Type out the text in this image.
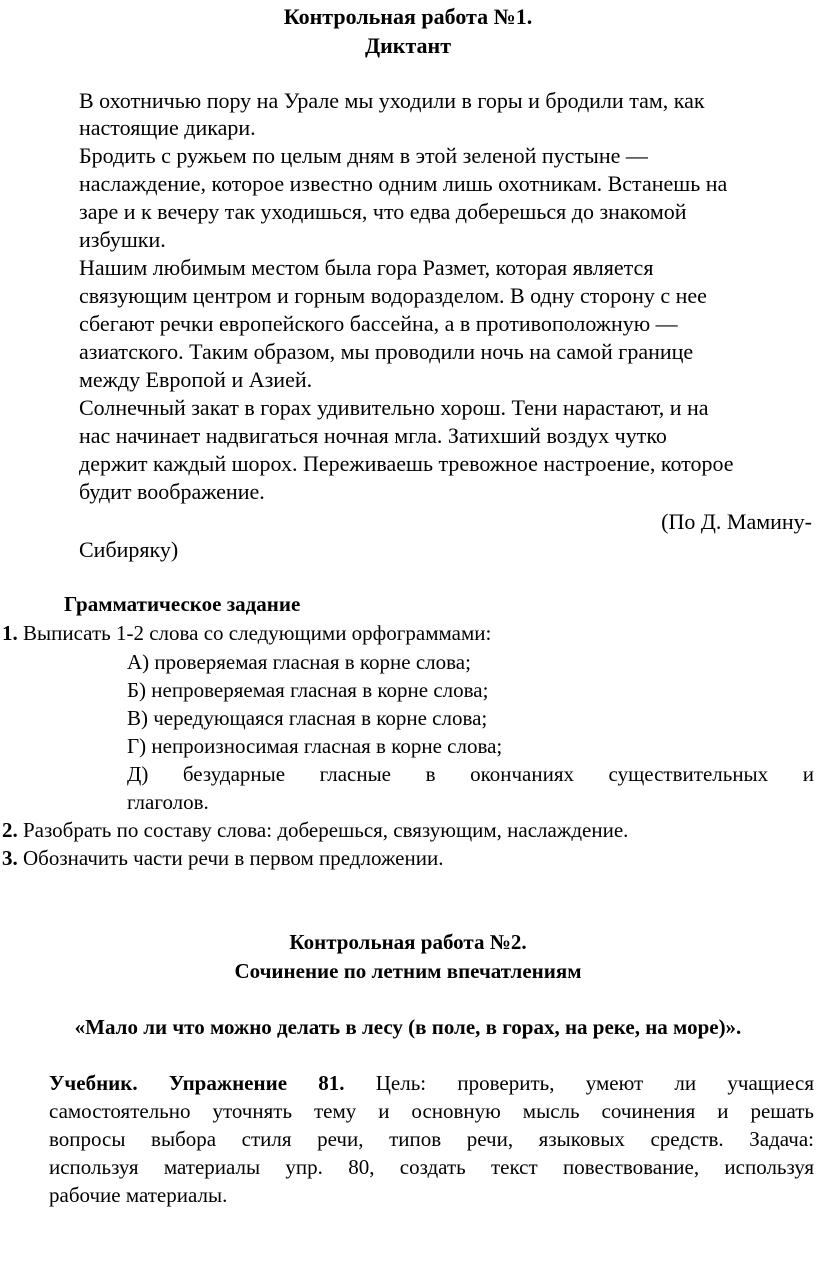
Контрольная работа №1.
Диктант
В охотничью пору на Урале мы уходили в горы и бродили там, как
настоящие дикари.
Бродить с ружьем по целым дням в этой зеленой пустыне —
наслаждение, которое известно одним лишь охотникам. Встанешь на
заре и к вечеру так уходишься, что едва доберешься до знакомой
избушки.
Нашим любимым местом была гора Размет, которая является
связующим центром и горным водоразделом. В одну сторону с нее
сбегают речки европейского бассейна, а в противоположную —
азиатского. Таким образом, мы проводили ночь на самой границе
между Европой и Азией.
Солнечный закат в горах удивительно хорош. Тени нарастают, и на
нас начинает надвигаться ночная мгла. Затихший воздух чутко
держит каждый шорох. Переживаешь тревожное настроение, которое
будит воображение.
(По Д. Мамину-
Сибиряку)
Грамматическое задание
1. Выписать 1-2 слова со следующими орфограммами:
А) проверяемая гласная в корне слова;
Б) непроверяемая гласная в корне слова;
В) чередующаяся гласная в корне слова;
Г) непроизносимая гласная в корне слова;
Д) безударные гласные в окончаниях существительных и
глаголов.
2. Разобрать по составу слова: доберешься, связующим, наслаждение.
3. Обозначить части речи в первом предложении.
Контрольная работа №2.
Сочинение по летним впечатлениям
«Мало ли что можно делать в лесу (в поле, в горах, на реке, на море)».
Учебник. Упражнение 81. Цель: проверить, умеют ли учащиеся
самостоятельно уточнять тему и основную мысль сочинения и решать
вопросы выбора стиля речи, типов речи, языковых средств. Задача:
используя материалы упр. 80, создать текст повествование, используя
рабочие материалы.
